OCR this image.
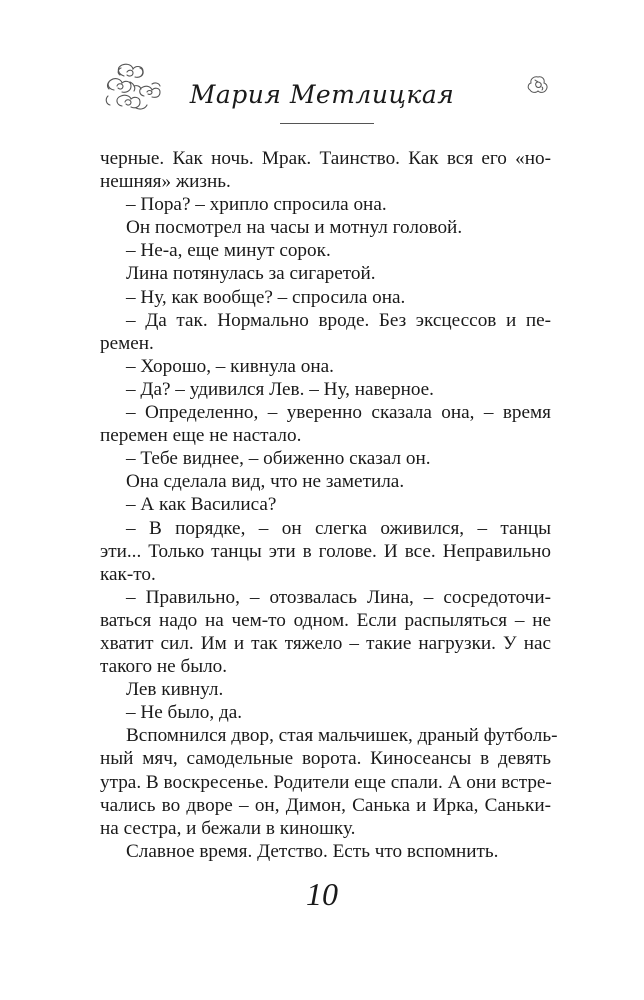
Мария Метлицкая
черные. Как ночь. Мрак. Таинство. Как вся его «но-
нешняя» жизнь.
– Пора? – хрипло спросила она.
Он посмотрел на часы и мотнул головой.
– Не-а, еще минут сорок.
Лина потянулась за сигаретой.
– Ну, как вообще? – спросила она.
– Да так. Нормально вроде. Без эксцессов и пе-
ремен.
– Хорошо, – кивнула она.
– Да? – удивился Лев. – Ну, наверное.
– Определенно, – уверенно сказала она, – время
перемен еще не настало.
– Тебе виднее, – обиженно сказал он.
Она сделала вид, что не заметила.
– А как Василиса?
– В порядке, – он слегка оживился, – танцы
эти... Только танцы эти в голове. И все. Неправильно
как-то.
– Правильно, – отозвалась Лина, – сосредоточи-
ваться надо на чем-то одном. Если распыляться – не
хватит сил. Им и так тяжело – такие нагрузки. У нас
такого не было.
Лев кивнул.
– Не было, да.
Вспомнился двор, стая мальчишек, драный футболь-
ный мяч, самодельные ворота. Киносеансы в девять
утра. В воскресенье. Родители еще спали. А они встре-
чались во дворе – он, Димон, Санька и Ирка, Саньки-
на сестра, и бежали в киношку.
Славное время. Детство. Есть что вспомнить.
10
